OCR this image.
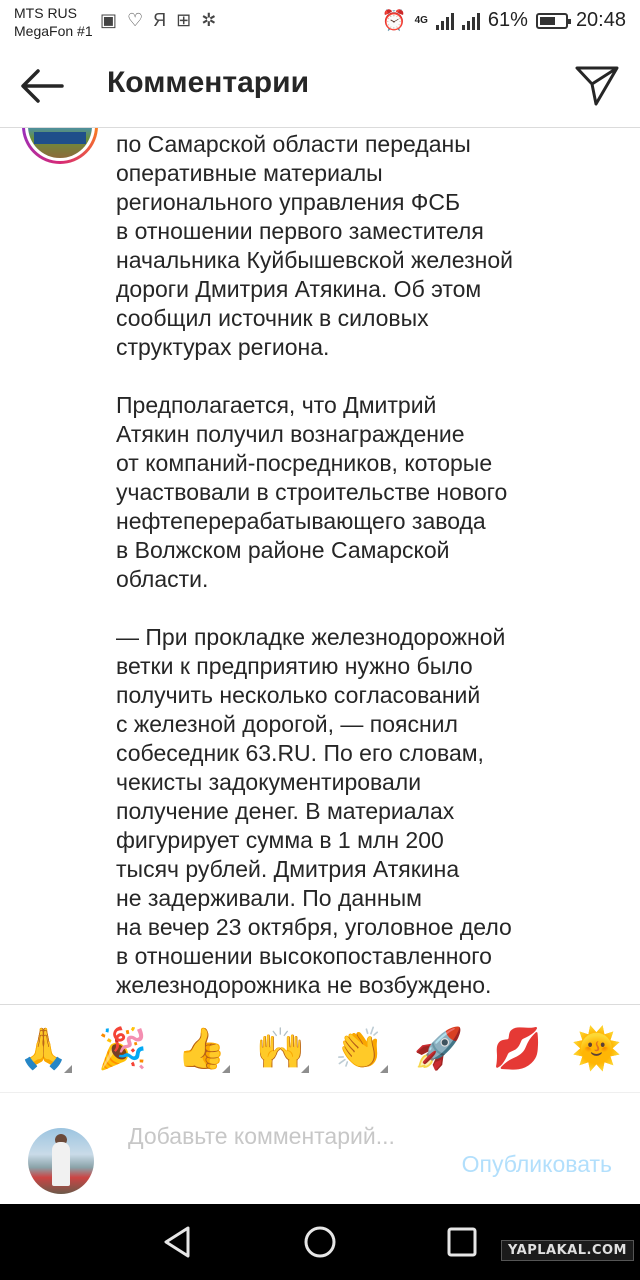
MTS RUS
MegaFon #1
▣ ♡ Я ⊞ ✲	⏰ 4G	61% 20:48
Комментарии

по Самарской области переданы
оперативные материалы
регионального управления ФСБ
в отношении первого заместителя
начальника Куйбышевской железной
дороги Дмитрия Атякина. Об этом
сообщил источник в силовых
структурах региона.

Предполагается, что Дмитрий
Атякин получил вознаграждение
от компаний-посредников, которые
участвовали в строительстве нового
нефтеперерабатывающего завода
в Волжском районе Самарской
области.

— При прокладке железнодорожной
ветки к предприятию нужно было
получить несколько согласований
с железной дорогой, — пояснил
собеседник 63.RU. По его словам,
чекисты задокументировали
получение денег. В материалах
фигурирует сумма в 1 млн 200
тысяч рублей. Дмитрия Атякина
не задерживали. По данным
на вечер 23 октября, уголовное дело
в отношении высокопоставленного
железнодорожника не возбуждено.

🙏 🎉 👍 🙌 👏 🚀 💋 🌞
Добавьте комментарий...
Опубликовать
YAPLAKAL.COM
